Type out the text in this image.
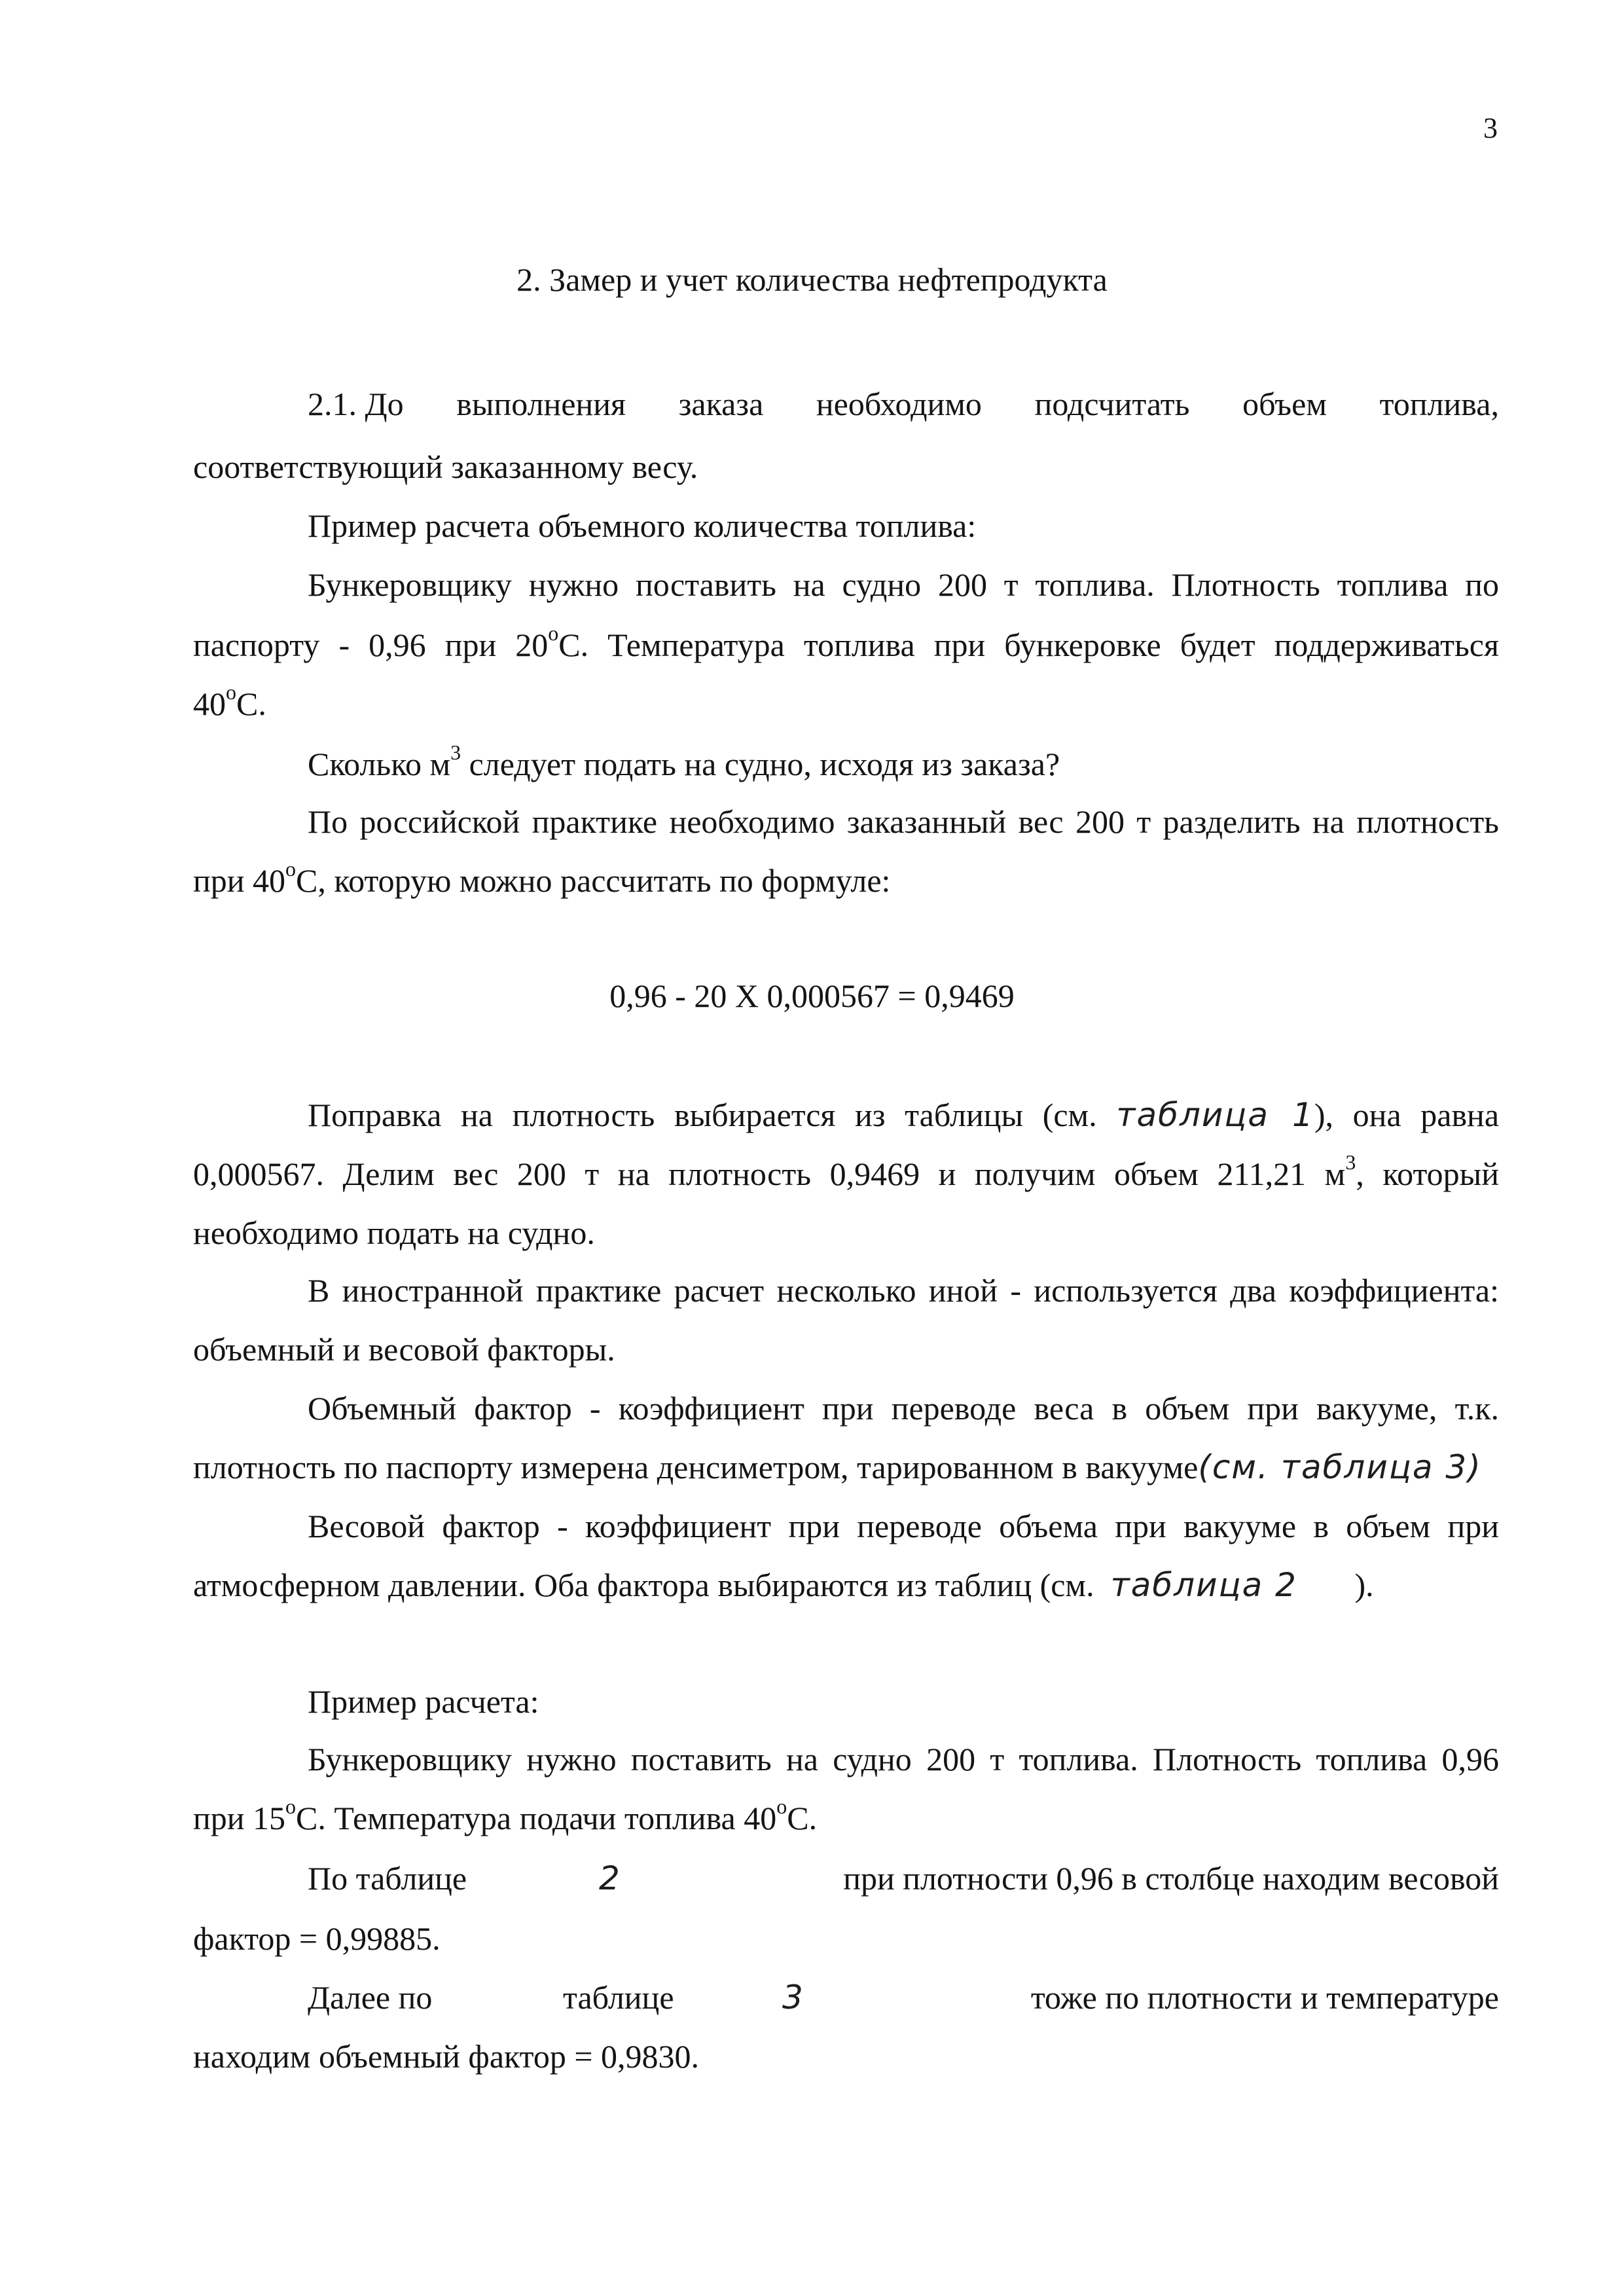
3
2. Замер и учет количества нефтепродукта
2.1. До выполнения заказа необходимо подсчитать объем топлива,
соответствующий заказанному весу.
Пример расчета объемного количества топлива:
Бункеровщику нужно поставить на судно 200 т топлива. Плотность топлива по
паспорту - 0,96 при 20$^o$C. Температура топлива при бункеровке будет поддерживаться
40$^o$C.
Сколько $м^3$ следует подать на судно, исходя из заказа?
По российской практике необходимо заказанный вес 200 т разделить на плотность
при 40$^o$C, которую можно рассчитать по формуле:
0,96 - 20 X 0,000567 = 0,9469
Поправка на плотность выбирается из таблицы (см. таблица 1), она равна
0,000567. Делим вес 200 т на плотность 0,9469 и получим объем 211,21 $м^3$, который
необходимо подать на судно.
В иностранной практике расчет несколько иной - используется два коэффициента:
объемный и весовой факторы.
Объемный фактор - коэффициент при переводе веса в объем при вакууме, т.к.
плотность по паспорту измерена денсиметром, тарированном в вакууме(см. таблица 3)
Весовой фактор - коэффициент при переводе объема при вакууме в объем при
атмосферном давлении. Оба фактора выбираются из таблиц (см. таблица 2 ).
Пример расчета:
Бункеровщику нужно поставить на судно 200 т топлива. Плотность топлива 0,96
при 15$^o$C. Температура подачи топлива 40$^o$C.
По таблице	2	при плотности 0,96 в столбце находим весовой
фактор = 0,99885.
Далее по	таблице	3	тоже по плотности и температуре
находим объемный фактор = 0,9830.
